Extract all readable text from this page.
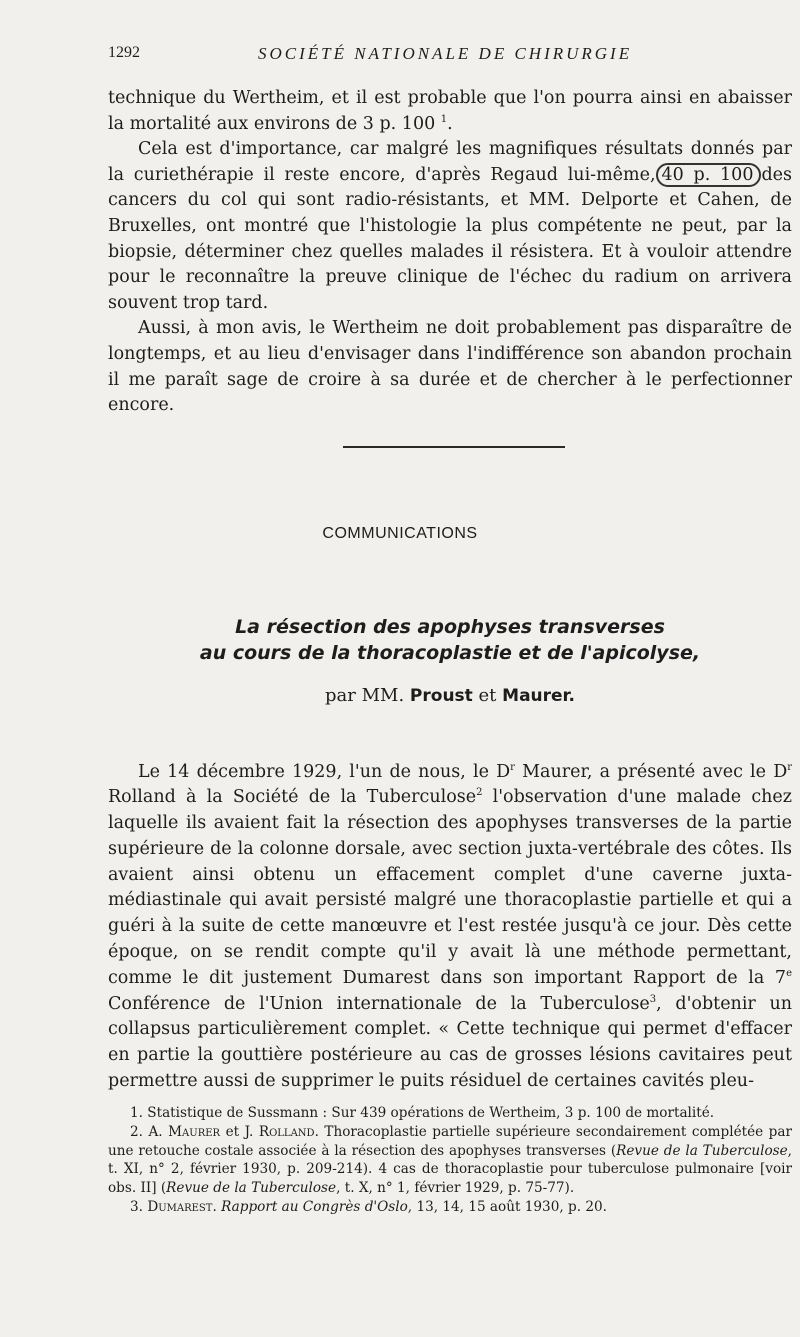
1292	SOCIÉTÉ NATIONALE DE CHIRURGIE

technique du Wertheim, et il est probable que l'on pourra ainsi en abaisser la mortalité aux environs de 3 p. 100 $^1$.

Cela est d'importance, car malgré les magnifiques résultats donnés par la curiethérapie il reste encore, d'après Regaud lui-même, 40 p. 100 des cancers du col qui sont radio-résistants, et MM. Delporte et Cahen, de Bruxelles, ont montré que l'histologie la plus compétente ne peut, par la biopsie, déterminer chez quelles malades il résistera. Et à vouloir attendre pour le reconnaître la preuve clinique de l'échec du radium on arrivera souvent trop tard.

Aussi, à mon avis, le Wertheim ne doit probablement pas disparaître de longtemps, et au lieu d'envisager dans l'indifférence son abandon prochain il me paraît sage de croire à sa durée et de chercher à le perfectionner encore.

COMMUNICATIONS
La résection des apophyses transverses
au cours de la thoracoplastie et de l'apicolyse,
par MM. Proust et Maurer.

Le 14 décembre 1929, l'un de nous, le $D^r$ Maurer, a présenté avec le $D^r$ Rolland à la Société de la Tuberculose$^2$ l'observation d'une malade chez laquelle ils avaient fait la résection des apophyses transverses de la partie supérieure de la colonne dorsale, avec section juxta-vertébrale des côtes. Ils avaient ainsi obtenu un effacement complet d'une caverne juxta-médiastinale qui avait persisté malgré une thoracoplastie partielle et qui a guéri à la suite de cette manœuvre et l'est restée jusqu'à ce jour. Dès cette époque, on se rendit compte qu'il y avait là une méthode permettant, comme le dit justement Dumarest dans son important Rapport de la 7e Conférence de l'Union internationale de la Tuberculose$^3$, d'obtenir un collapsus particulièrement complet. « Cette technique qui permet d'effacer en partie la gouttière postérieure au cas de grosses lésions cavitaires peut permettre aussi de supprimer le puits résiduel de certaines cavités pleu-

1. Statistique de Sussmann : Sur 439 opérations de Wertheim, 3 p. 100 de mortalité.

2. A. Maurer et J. Rolland. Thoracoplastie partielle supérieure secondairement complétée par une retouche costale associée à la résection des apophyses transverses (Revue de la Tuberculose, t. XI, n° 2, février 1930, p. 209-214). 4 cas de thoracoplastie pour tuberculose pulmonaire [voir obs. II] (Revue de la Tuberculose, t. X, n° 1, février 1929, p. 75-77).

3. Dumarest. Rapport au Congrès d'Oslo, 13, 14, 15 août 1930, p. 20.
